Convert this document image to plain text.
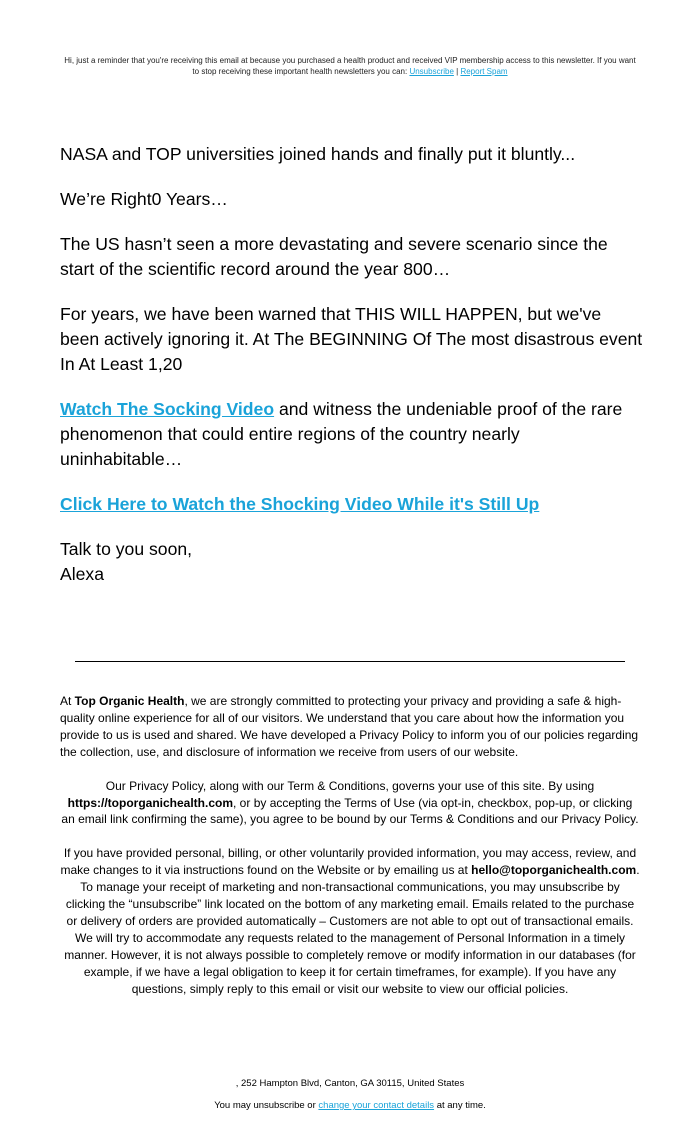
Hi, just a reminder that you're receiving this email at because you purchased a health product and received VIP membership access to this newsletter. If you want to stop receiving these important health newsletters you can: Unsubscribe | Report Spam

NASA and TOP universities joined hands and finally put it bluntly...

We’re Right0 Years…

The US hasn’t seen a more devastating and severe scenario since the start of the scientific record around the year 800…

For years, we have been warned that THIS WILL HAPPEN, but we've been actively ignoring it. At The BEGINNING Of The most disastrous event In At Least 1,20

Watch The Socking Video and witness the undeniable proof of the rare phenomenon that could entire regions of the country nearly uninhabitable…

Click Here to Watch the Shocking Video While it's Still Up

Talk to you soon,
Alexa

At Top Organic Health, we are strongly committed to protecting your privacy and providing a safe & high-quality online experience for all of our visitors. We understand that you care about how the information you provide to us is used and shared. We have developed a Privacy Policy to inform you of our policies regarding the collection, use, and disclosure of information we receive from users of our website.

Our Privacy Policy, along with our Term & Conditions, governs your use of this site. By using https://toporganichealth.com, or by accepting the Terms of Use (via opt-in, checkbox, pop-up, or clicking an email link confirming the same), you agree to be bound by our Terms & Conditions and our Privacy Policy.

If you have provided personal, billing, or other voluntarily provided information, you may access, review, and make changes to it via instructions found on the Website or by emailing us at hello@toporganichealth.com. To manage your receipt of marketing and non-transactional communications, you may unsubscribe by clicking the “unsubscribe” link located on the bottom of any marketing email. Emails related to the purchase or delivery of orders are provided automatically – Customers are not able to opt out of transactional emails. We will try to accommodate any requests related to the management of Personal Information in a timely manner. However, it is not always possible to completely remove or modify information in our databases (for example, if we have a legal obligation to keep it for certain timeframes, for example). If you have any questions, simply reply to this email or visit our website to view our official policies.

, 252 Hampton Blvd, Canton, GA 30115, United States

You may unsubscribe or change your contact details at any time.
